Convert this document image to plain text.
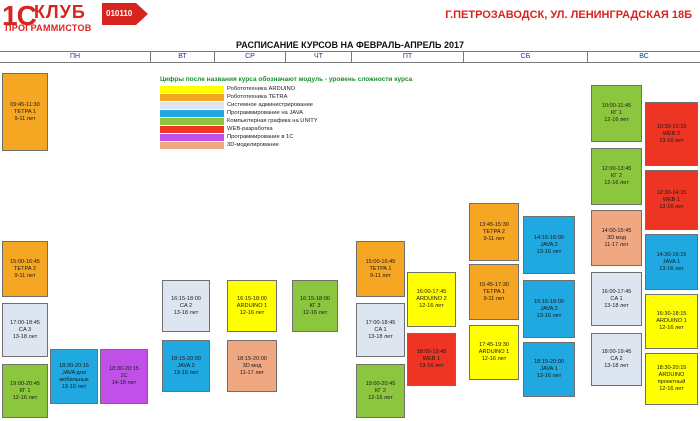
1С
КЛУБ
ПРОГРАММИСТОВ
010110	Г.ПЕТРОЗАВОДСК, УЛ. ЛЕНИНГРАДСКАЯ 18Б
РАСПИСАНИЕ КУРСОВ НА ФЕВРАЛЬ-АПРЕЛЬ 2017
ПН	ВТ	СР	ЧТ	ПТ	СБ	ВС
Цифры после названия курса обозначают модуль - уровень сложности курса
Робототехника ARDUINO
Робототехника TETRA
Системное администрирование
Программирование на JAVA
Компьютерная графика на UNITY
WEB-разработка
Программирование в 1С
3D-моделирование
09:45-11:30
TETPA 1
9-11 лет
15:00-16:45
TETPA 2
9-11 лет
17:00-18:45
CA 3
13-18 лет
19:00-20:45
КГ 1
12-16 лет
18:30-20:15
JAVA для мобильных
13-16 лет
18:30-20:15
1C
14-18 лет
16:15-18:00
CA 2
13-18 лет
18:15-20:00
JAVA 2
13-16 лет
16:15-18:00
ARDUINO 1
12-16 лет
18:15-20:00
3D мод
11-17 лет
16:15-18:00
КГ 3
12-16 лет
15:00-16:45
TETPA 1
9-11 лет
17:00-18:45
CA 1
13-18 лет
19:00-20:45
КГ 2
12-16 лет
16:00-17:45
ARDUINO 2
12-16 лет
18:00-19:45
WEB 1
13-16 лет
13:45-15:30
TETPA 2
9-11 лет
15:45-17:30
TETPA 1
9-11 лет
17:45-19:30
ARDUINO 1
12-16 лет
14:15-16:00
JAVA 2
13-16 лет
16:15-18:00
JAVA 2
13-16 лет
18:15-20:00
JAVA 1
13-16 лет
10:00-11:45
КГ 1
12-16 лет
12:00-13:45
КГ 2
12-16 лет
14:00-15:45
3D мод
11-17 лет
16:00-17:45
CA 1
13-18 лет
18:00-19:45
CA 2
13-18 лет
10:30-12:15
WEB 2
13-16 лет
12:30-14:15
WEB 1
13-16 лет
14:30-16:15
JAVA 1
13-16 лет
16:30-18:15
ARDUINO 1
12-16 лет
18:30-20:15
ARDUINO проектный
12-16 лет
